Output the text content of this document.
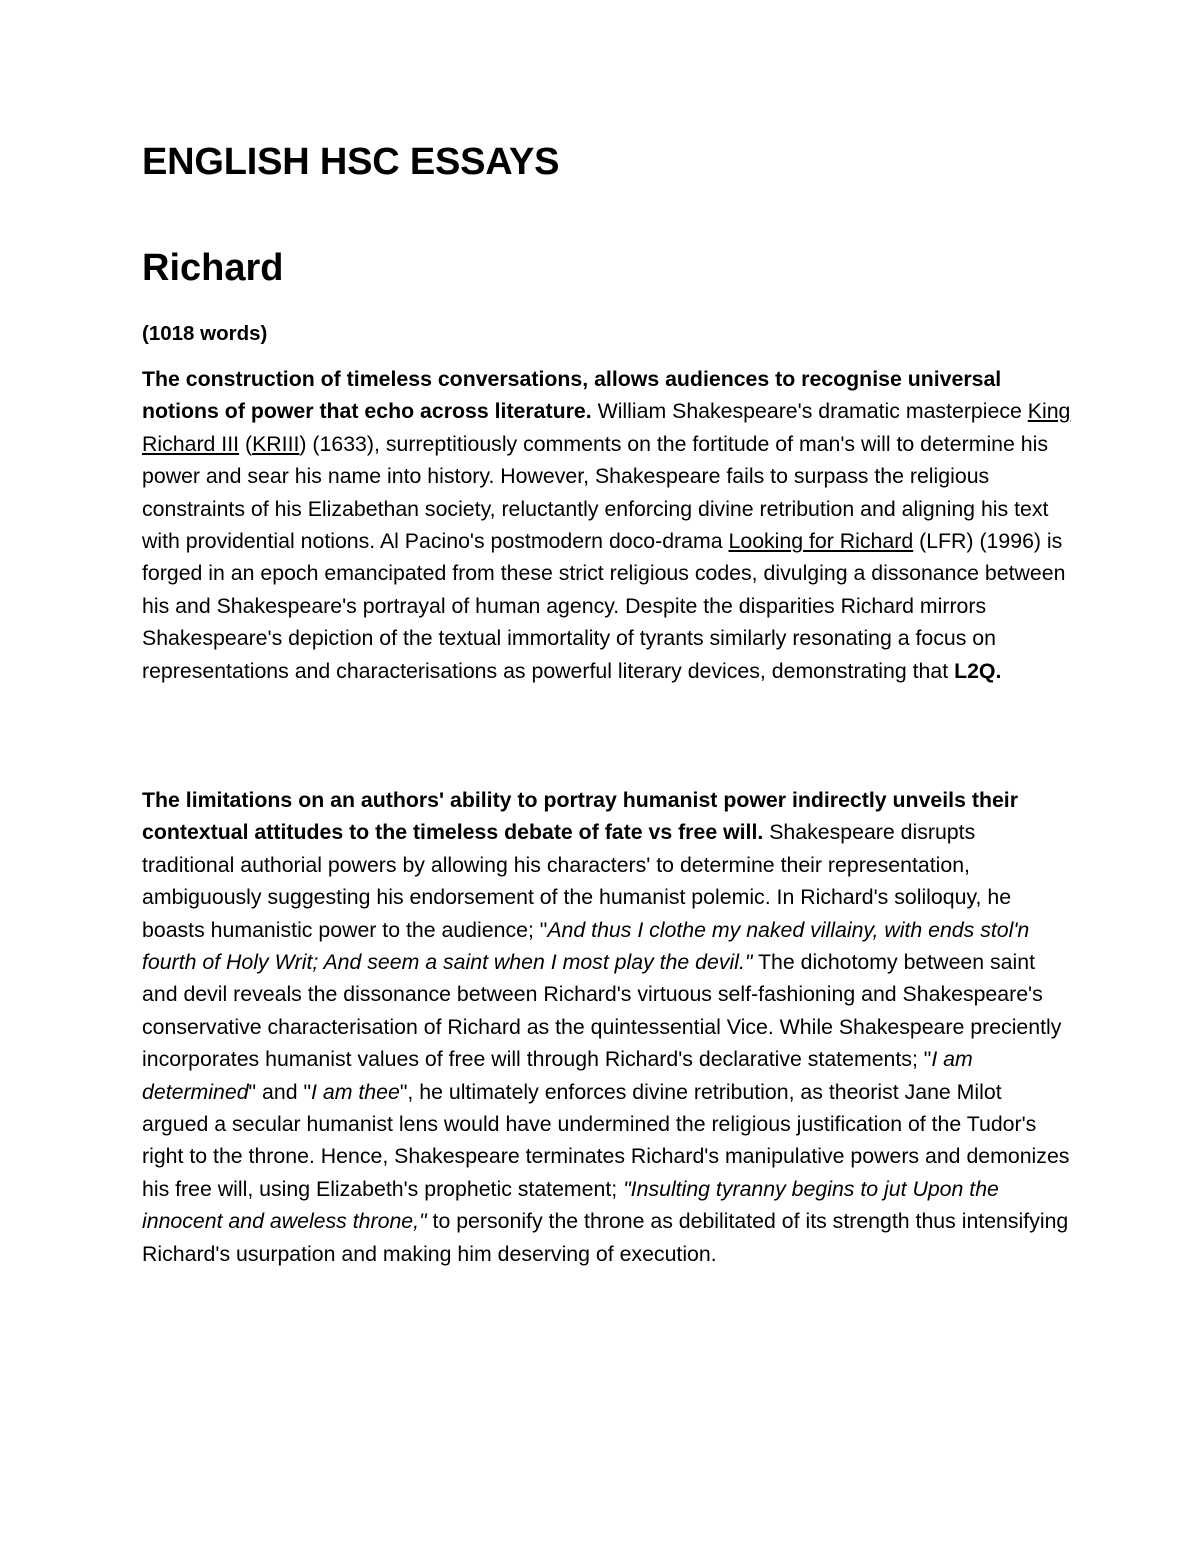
ENGLISH HSC ESSAYS
Richard

(1018 words)

The construction of timeless conversations, allows audiences to recognise universal notions of power that echo across literature. William Shakespeare's dramatic masterpiece King Richard III (KRIII) (1633), surreptitiously comments on the fortitude of man's will to determine his power and sear his name into history. However, Shakespeare fails to surpass the religious constraints of his Elizabethan society, reluctantly enforcing divine retribution and aligning his text with providential notions. Al Pacino's postmodern doco-drama Looking for Richard (LFR) (1996) is forged in an epoch emancipated from these strict religious codes, divulging a dissonance between his and Shakespeare's portrayal of human agency. Despite the disparities Richard mirrors Shakespeare's depiction of the textual immortality of tyrants similarly resonating a focus on representations and characterisations as powerful literary devices, demonstrating that L2Q.

The limitations on an authors' ability to portray humanist power indirectly unveils their contextual attitudes to the timeless debate of fate vs free will. Shakespeare disrupts traditional authorial powers by allowing his characters' to determine their representation, ambiguously suggesting his endorsement of the humanist polemic. In Richard's soliloquy, he boasts humanistic power to the audience; "And thus I clothe my naked villainy, with ends stol'n fourth of Holy Writ; And seem a saint when I most play the devil." The dichotomy between saint and devil reveals the dissonance between Richard's virtuous self-fashioning and Shakespeare's conservative characterisation of Richard as the quintessential Vice. While Shakespeare preciently incorporates humanist values of free will through Richard's declarative statements; "I am determined" and "I am thee", he ultimately enforces divine retribution, as theorist Jane Milot argued a secular humanist lens would have undermined the religious justification of the Tudor's right to the throne. Hence, Shakespeare terminates Richard's manipulative powers and demonizes his free will, using Elizabeth's prophetic statement; "Insulting tyranny begins to jut Upon the innocent and aweless throne," to personify the throne as debilitated of its strength thus intensifying Richard's usurpation and making him deserving of execution.
